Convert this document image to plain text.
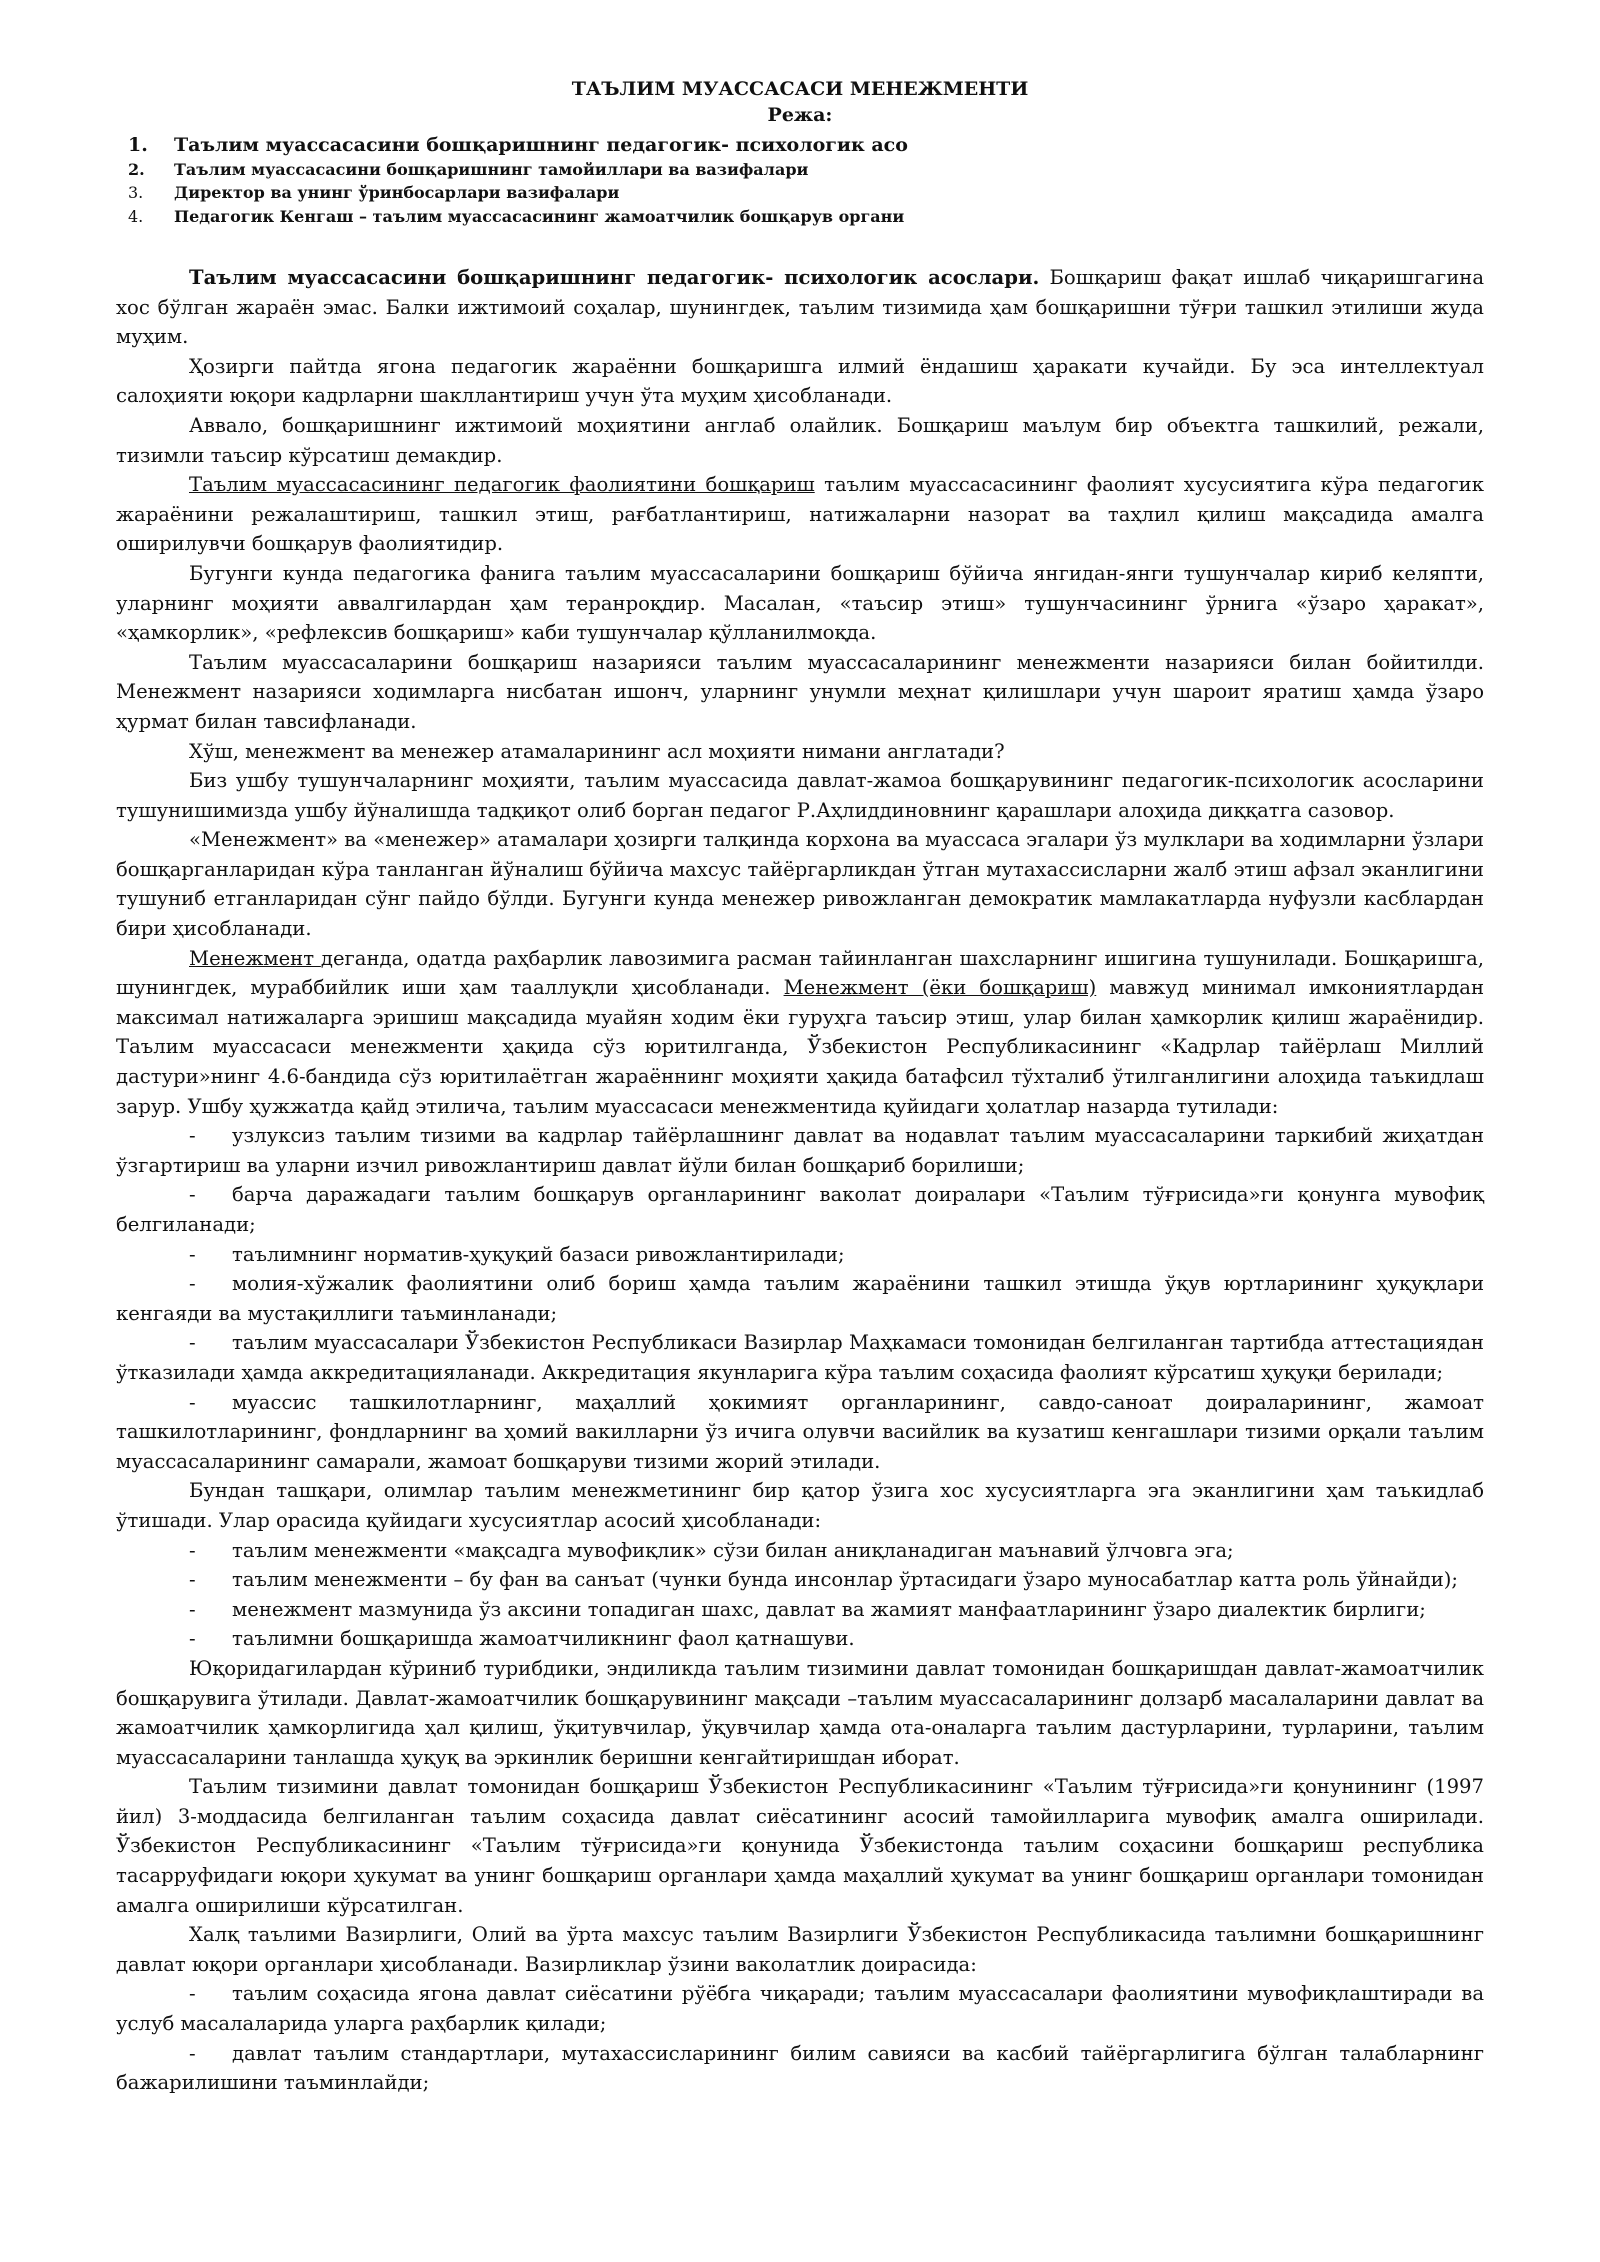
ТАЪЛИМ МУАССАСАСИ МЕНЕЖМЕНТИ

Режа:

1.	Таълим муассасасини бошқаришнинг педагогик- психологик асо
2.	Таълим муассасасини бошқаришнинг тамойиллари ва вазифалари
3.	Директор ва унинг ўринбосарлари вазифалари
4.	Педагогик Кенгаш – таълим муассасасининг жамоатчилик бошқарув органи

Таълим муассасасини бошқаришнинг педагогик- психологик асослари. Бошқариш фақат ишлаб чиқаришгагина хос бўлган жараён эмас. Балки ижтимоий соҳалар, шунингдек, таълим тизимида ҳам бошқаришни тўғри ташкил этилиши жуда муҳим.

Ҳозирги пайтда ягона педагогик жараённи бошқаришга илмий ёндашиш ҳаракати кучайди. Бу эса интеллектуал салоҳияти юқори кадрларни шакллантириш учун ўта муҳим ҳисобланади.

Аввало, бошқаришнинг ижтимоий моҳиятини англаб олайлик. Бошқариш маълум бир объектга ташкилий, режали, тизимли таъсир кўрсатиш демакдир.

Таълим муассасасининг педагогик фаолиятини бошқариш таълим муассасасининг фаолият хусусиятига кўра педагогик жараёнини режалаштириш, ташкил этиш, рағбатлантириш, натижаларни назорат ва таҳлил қилиш мақсадида амалга оширилувчи бошқарув фаолиятидир.

Бугунги кунда педагогика фанига таълим муассасаларини бошқариш бўйича янгидан-янги тушунчалар кириб келяпти, уларнинг моҳияти аввалгилардан ҳам теранроқдир. Масалан, «таъсир этиш» тушунчасининг ўрнига «ўзаро ҳаракат», «ҳамкорлик», «рефлексив бошқариш» каби тушунчалар қўлланилмоқда.

Таълим муассасаларини бошқариш назарияси таълим муассасаларининг менежменти назарияси билан бойитилди. Менежмент назарияси ходимларга нисбатан ишонч, уларнинг унумли меҳнат қилишлари учун шароит яратиш ҳамда ўзаро ҳурмат билан тавсифланади.

Хўш, менежмент ва менежер атамаларининг асл моҳияти нимани англатади?

Биз ушбу тушунчаларнинг моҳияти, таълим муассасида давлат-жамоа бошқарувининг педагогик-психологик асосларини тушунишимизда ушбу йўналишда тадқиқот олиб борган педагог Р.Аҳлиддиновнинг қарашлари алоҳида диққатга сазовор.

«Менежмент» ва «менежер» атамалари ҳозирги талқинда корхона ва муассаса эгалари ўз мулклари ва ходимларни ўзлари бошқарганларидан кўра танланган йўналиш бўйича махсус тайёргарликдан ўтган мутахассисларни жалб этиш афзал эканлигини тушуниб етганларидан сўнг пайдо бўлди. Бугунги кунда менежер ривожланган демократик мамлакатларда нуфузли касблардан бири ҳисобланади.

Менежмент деганда, одатда раҳбарлик лавозимига расман тайинланган шахсларнинг ишигина тушунилади. Бошқаришга, шунингдек, мураббийлик иши ҳам тааллуқли ҳисобланади. Менежмент (ёки бошқариш) мавжуд минимал имкониятлардан максимал натижаларга эришиш мақсадида муайян ходим ёки гуруҳга таъсир этиш, улар билан ҳамкорлик қилиш жараёнидир. Таълим муассасаси менежменти ҳақида сўз юритилганда, Ўзбекистон Республикасининг «Кадрлар тайёрлаш Миллий дастури»нинг 4.6-бандида сўз юритилаётган жараённинг моҳияти ҳақида батафсил тўхталиб ўтилганлигини алоҳида таъкидлаш зарур. Ушбу ҳужжатда қайд этилича, таълим муассасаси менежментида қуйидаги ҳолатлар назарда тутилади:

- узлуксиз таълим тизими ва кадрлар тайёрлашнинг давлат ва нодавлат таълим муассасаларини таркибий жиҳатдан ўзгартириш ва уларни изчил ривожлантириш давлат йўли билан бошқариб борилиши;

- барча даражадаги таълим бошқарув органларининг ваколат доиралари «Таълим тўғрисида»ги қонунга мувофиқ белгиланади;

- таълимнинг норматив-ҳуқуқий базаси ривожлантирилади;

- молия-хўжалик фаолиятини олиб бориш ҳамда таълим жараёнини ташкил этишда ўқув юртларининг ҳуқуқлари кенгаяди ва мустақиллиги таъминланади;

- таълим муассасалари Ўзбекистон Республикаси Вазирлар Маҳкамаси томонидан белгиланган тартибда аттестациядан ўтказилади ҳамда аккредитацияланади. Аккредитация якунларига кўра таълим соҳасида фаолият кўрсатиш ҳуқуқи берилади;

- муассис ташкилотларнинг, маҳаллий ҳокимият органларининг, савдо-саноат доираларининг, жамоат ташкилотларининг, фондларнинг ва ҳомий вакилларни ўз ичига олувчи васийлик ва кузатиш кенгашлари тизими орқали таълим муассасаларининг самарали, жамоат бошқаруви тизими жорий этилади.

Бундан ташқари, олимлар таълим менежметининг бир қатор ўзига хос хусусиятларга эга эканлигини ҳам таъкидлаб ўтишади. Улар орасида қуйидаги хусусиятлар асосий ҳисобланади:

- таълим менежменти «мақсадга мувофиқлик» сўзи билан аниқланадиган маънавий ўлчовга эга;

- таълим менежменти – бу фан ва санъат (чунки бунда инсонлар ўртасидаги ўзаро муносабатлар катта роль ўйнайди);

- менежмент мазмунида ўз аксини топадиган шахс, давлат ва жамият манфаатларининг ўзаро диалектик бирлиги;

- таълимни бошқаришда жамоатчиликнинг фаол қатнашуви.

Юқоридагилардан кўриниб турибдики, эндиликда таълим тизимини давлат томонидан бошқаришдан давлат-жамоатчилик бошқарувига ўтилади. Давлат-жамоатчилик бошқарувининг мақсади –таълим муассасаларининг долзарб масалаларини давлат ва жамоатчилик ҳамкорлигида ҳал қилиш, ўқитувчилар, ўқувчилар ҳамда ота-оналарга таълим дастурларини, турларини, таълим муассасаларини танлашда ҳуқуқ ва эркинлик беришни кенгайтиришдан иборат.

Таълим тизимини давлат томонидан бошқариш Ўзбекистон Республикасининг «Таълим тўғрисида»ги қонунининг (1997 йил) 3-моддасида белгиланган таълим соҳасида давлат сиёсатининг асосий тамойилларига мувофиқ амалга оширилади. Ўзбекистон Республикасининг «Таълим тўғрисида»ги қонунида Ўзбекистонда таълим соҳасини бошқариш республика тасарруфидаги юқори ҳукумат ва унинг бошқариш органлари ҳамда маҳаллий ҳукумат ва унинг бошқариш органлари томонидан амалга оширилиши кўрсатилган.

Халқ таълими Вазирлиги, Олий ва ўрта махсус таълим Вазирлиги Ўзбекистон Республикасида таълимни бошқаришнинг давлат юқори органлари ҳисобланади. Вазирликлар ўзини ваколатлик доирасида:

- таълим соҳасида ягона давлат сиёсатини рўёбга чиқаради; таълим муассасалари фаолиятини мувофиқлаштиради ва услуб масалаларида уларга раҳбарлик қилади;

- давлат таълим стандартлари, мутахассисларининг билим савияси ва касбий тайёргарлигига бўлган талабларнинг бажарилишини таъминлайди;
